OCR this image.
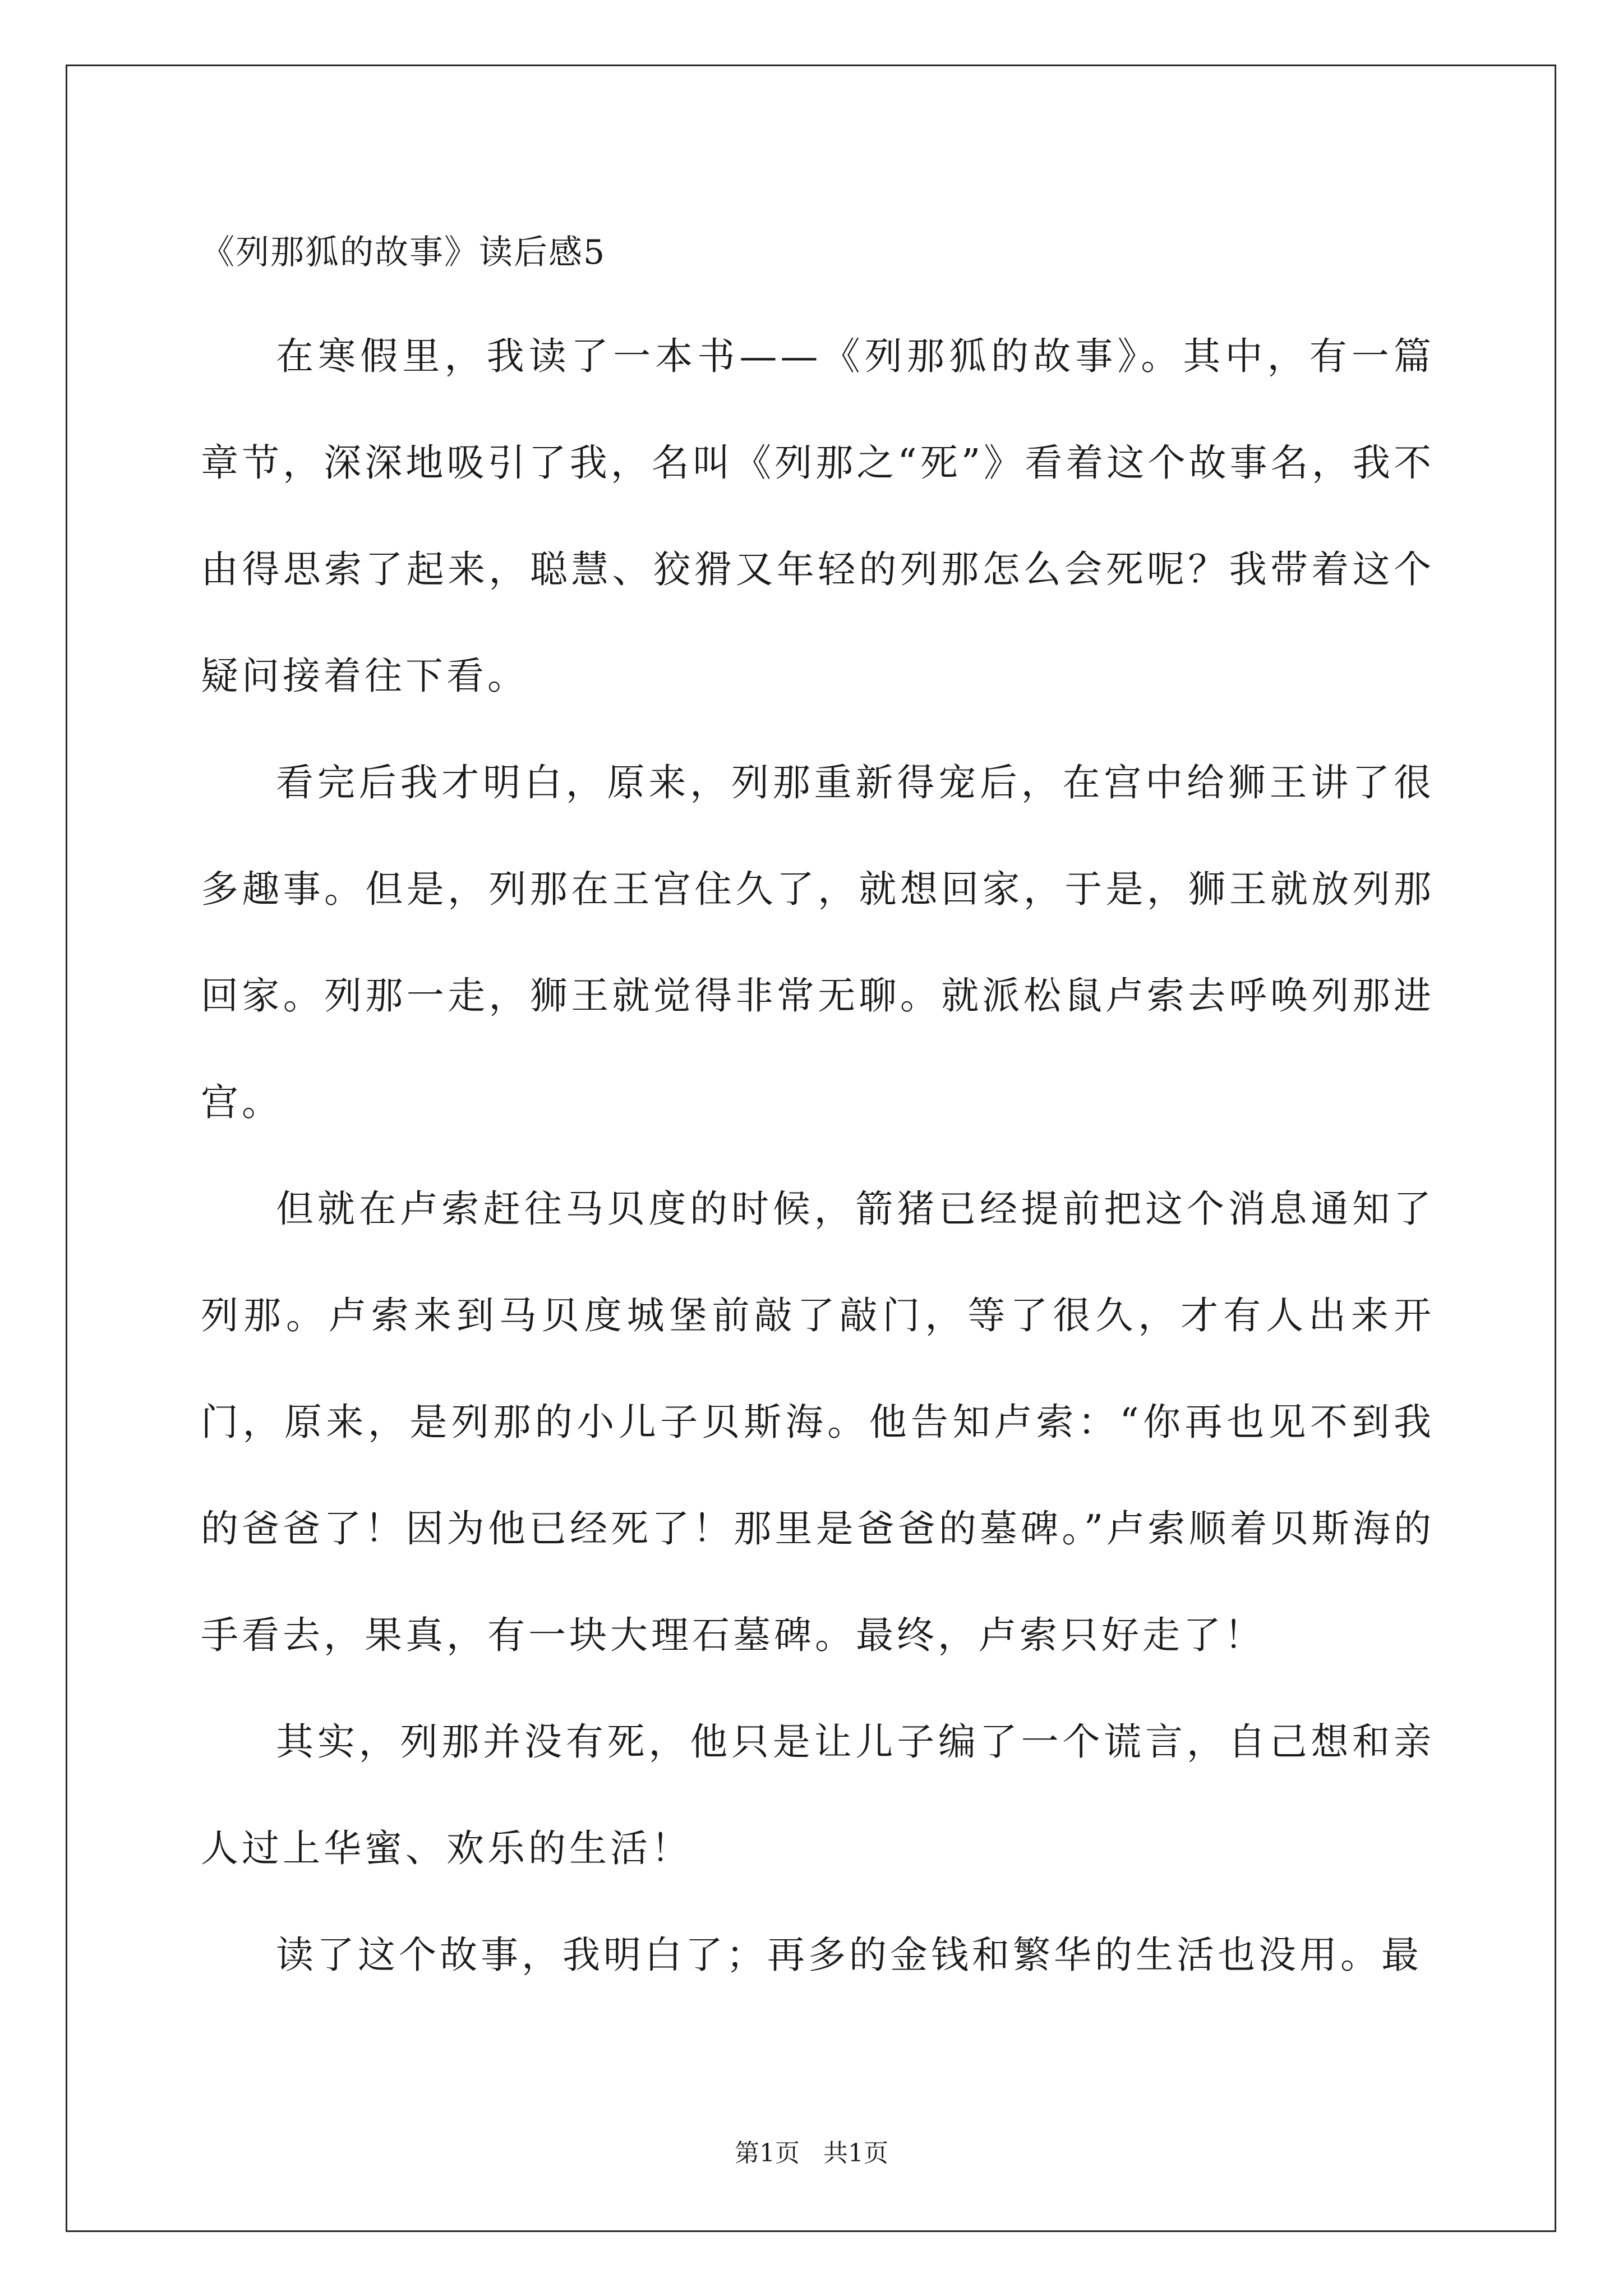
《列那狐的故事》读后感5

在寒假里，我读了一本书——《列那狐的故事》。其中，有一篇章节，深深地吸引了我，名叫《列那之“死”》看着这个故事名，我不由得思索了起来，聪慧、狡猾又年轻的列那怎么会死呢？我带着这个疑问接着往下看。

看完后我才明白，原来，列那重新得宠后，在宫中给狮王讲了很多趣事。但是，列那在王宫住久了，就想回家，于是，狮王就放列那回家。列那一走，狮王就觉得非常无聊。就派松鼠卢索去呼唤列那进宫。

但就在卢索赶往马贝度的时候，箭猪已经提前把这个消息通知了列那。卢索来到马贝度城堡前敲了敲门，等了很久，才有人出来开门，原来，是列那的小儿子贝斯海。他告知卢索：“你再也见不到我的爸爸了！因为他已经死了！那里是爸爸的墓碑。”卢索顺着贝斯海的手看去，果真，有一块大理石墓碑。最终，卢索只好走了！

其实，列那并没有死，他只是让儿子编了一个谎言，自己想和亲人过上华蜜、欢乐的生活！

读了这个故事，我明白了；再多的金钱和繁华的生活也没用。最

第1页   共1页
